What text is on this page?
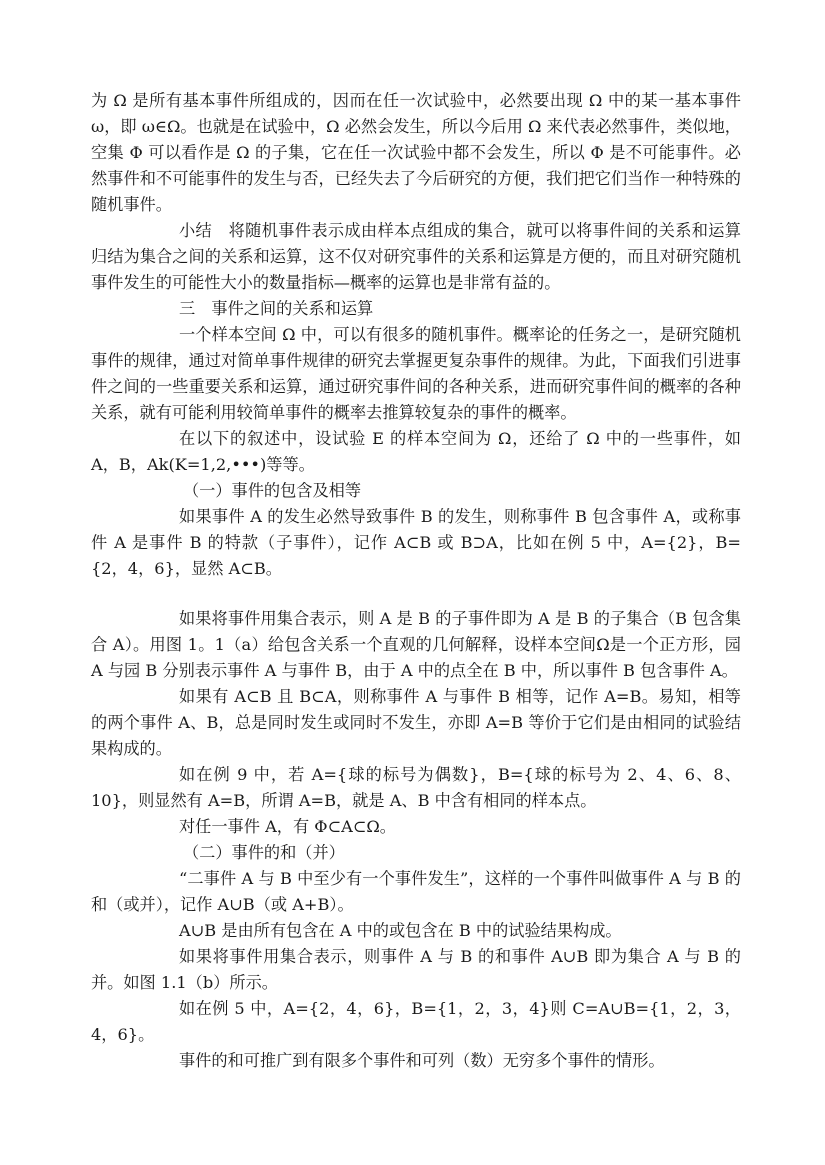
为 Ω 是所有基本事件所组成的，因而在任一次试验中，必然要出现 Ω 中的某一基本事件 ω，即 ω∈Ω。也就是在试验中，Ω 必然会发生，所以今后用 Ω 来代表必然事件，类似地，空集 Φ 可以看作是 Ω 的子集，它在任一次试验中都不会发生，所以 Φ 是不可能事件。必然事件和不可能事件的发生与否，已经失去了今后研究的方便，我们把它们当作一种特殊的随机事件。

小结　将随机事件表示成由样本点组成的集合，就可以将事件间的关系和运算归结为集合之间的关系和运算，这不仅对研究事件的关系和运算是方便的，而且对研究随机事件发生的可能性大小的数量指标—概率的运算也是非常有益的。

三　事件之间的关系和运算

一个样本空间 Ω 中，可以有很多的随机事件。概率论的任务之一，是研究随机事件的规律，通过对简单事件规律的研究去掌握更复杂事件的规律。为此，下面我们引进事件之间的一些重要关系和运算，通过研究事件间的各种关系，进而研究事件间的概率的各种关系，就有可能利用较简单事件的概率去推算较复杂的事件的概率。

在以下的叙述中，设试验 E 的样本空间为 Ω，还给了 Ω 中的一些事件，如 A，B，Ak(K=1,2,•••)等等。

（一）事件的包含及相等

如果事件 A 的发生必然导致事件 B 的发生，则称事件 B 包含事件 A，或称事件 A 是事件 B 的特款（子事件），记作 A⊂B 或 B⊃A，比如在例 5 中，A={2}，B={2，4，6}，显然 A⊂B。

如果将事件用集合表示，则 A 是 B 的子事件即为 A 是 B 的子集合（B 包含集合 A）。用图 1。1（a）给包含关系一个直观的几何解释，设样本空间Ω是一个正方形，园 A 与园 B 分别表示事件 A 与事件 B，由于 A 中的点全在 B 中，所以事件 B 包含事件 A。

如果有 A⊂B 且 B⊂A，则称事件 A 与事件 B 相等，记作 A=B。易知，相等的两个事件 A、B，总是同时发生或同时不发生，亦即 A=B 等价于它们是由相同的试验结果构成的。

如在例 9 中，若 A={球的标号为偶数}，B={球的标号为 2、4、6、8、10}，则显然有 A=B，所谓 A=B，就是 A、B 中含有相同的样本点。

对任一事件 A，有 Φ⊂A⊂Ω。

（二）事件的和（并）

“二事件 A 与 B 中至少有一个事件发生”，这样的一个事件叫做事件 A 与 B 的和（或并），记作 A∪B（或 A+B）。

A∪B 是由所有包含在 A 中的或包含在 B 中的试验结果构成。

如果将事件用集合表示，则事件 A 与 B 的和事件 A∪B 即为集合 A 与 B 的并。如图 1.1（b）所示。

如在例 5 中，A={2，4，6}，B={1，2，3，4}则 C=A∪B={1，2，3，4，6}。

事件的和可推广到有限多个事件和可列（数）无穷多个事件的情形。
